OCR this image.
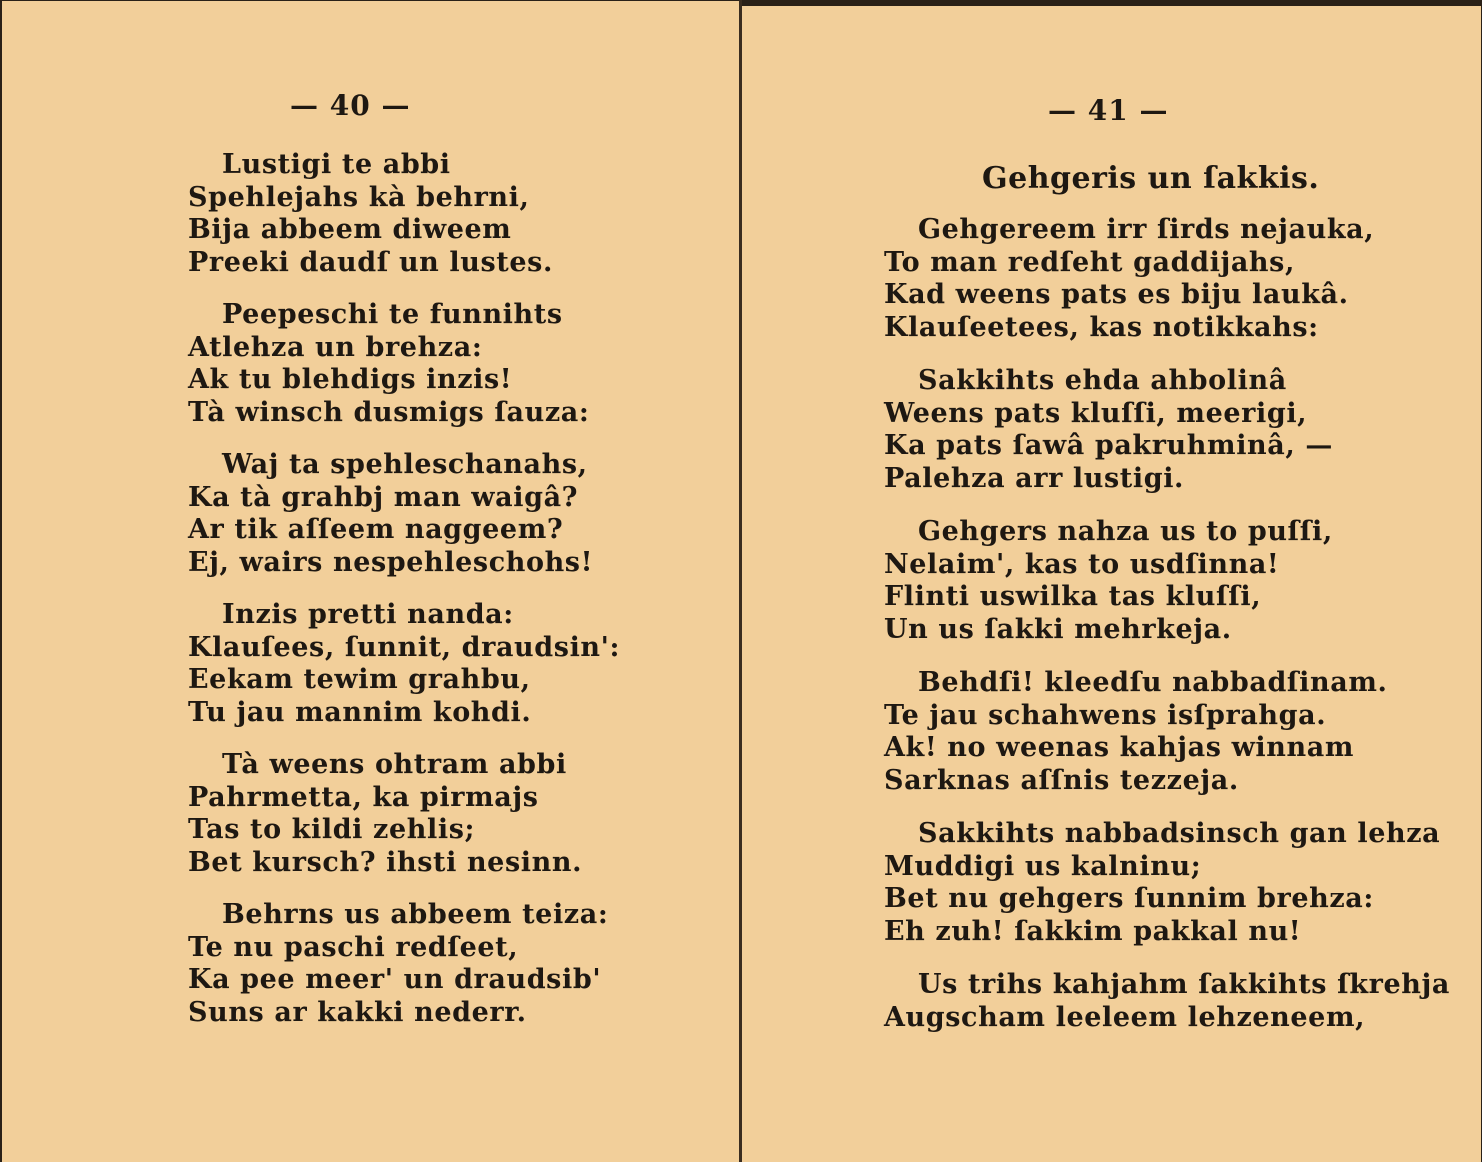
— 40 —
Lustigi te abbi
Spehlejahs kà behrni,
Bija abbeem diweem
Preeki daudſ un lustes.
Peepeschi te funnihts
Atlehza un brehza:
Ak tu blehdigs inzis!
Tà winsch dusmigs ſauza:
Waj ta spehleschanahs,
Ka tà grahbj man waigâ?
Ar tik aſſeem naggeem?
Ej, wairs nespehleschohs!
Inzis pretti nanda:
Klauſees, ſunnit, draudsin':
Eekam tewim grahbu,
Tu jau mannim kohdi.
Tà weens ohtram abbi
Pahrmetta, ka pirmajs
Tas to kildi zehlis;
Bet kursch? ihsti nesinn.
Behrns us abbeem teiza:
Te nu paschi redſeet,
Ka pee meer' un draudsib'
Suns ar kakki nederr.
— 41 —
Gehgeris un ſakkis.
Gehgereem irr ſirds nejauka,
To man redſeht gaddijahs,
Kad weens pats es biju laukâ.
Klauſeetees, kas notikkahs:
Sakkihts ehda ahbolinâ
Weens pats kluſſi, meerigi,
Ka pats ſawâ pakruhminâ, —
Palehza arr lustigi.
Gehgers nahza us to puſſi,
Nelaim', kas to usdſinna!
Flinti uswilka tas kluſſi,
Un us ſakki mehrkeja.
Behdſi! kleedſu nabbadſinam.
Te jau schahwens isſprahga.
Ak! no weenas kahjas winnam
Sarknas aſſnis tezzeja.
Sakkihts nabbadsinsch gan lehza
Muddigi us kalninu;
Bet nu gehgers ſunnim brehza:
Eh zuh! ſakkim pakkal nu!
Us trihs kahjahm ſakkihts ſkrehja
Augscham leeleem lehzeneem,
